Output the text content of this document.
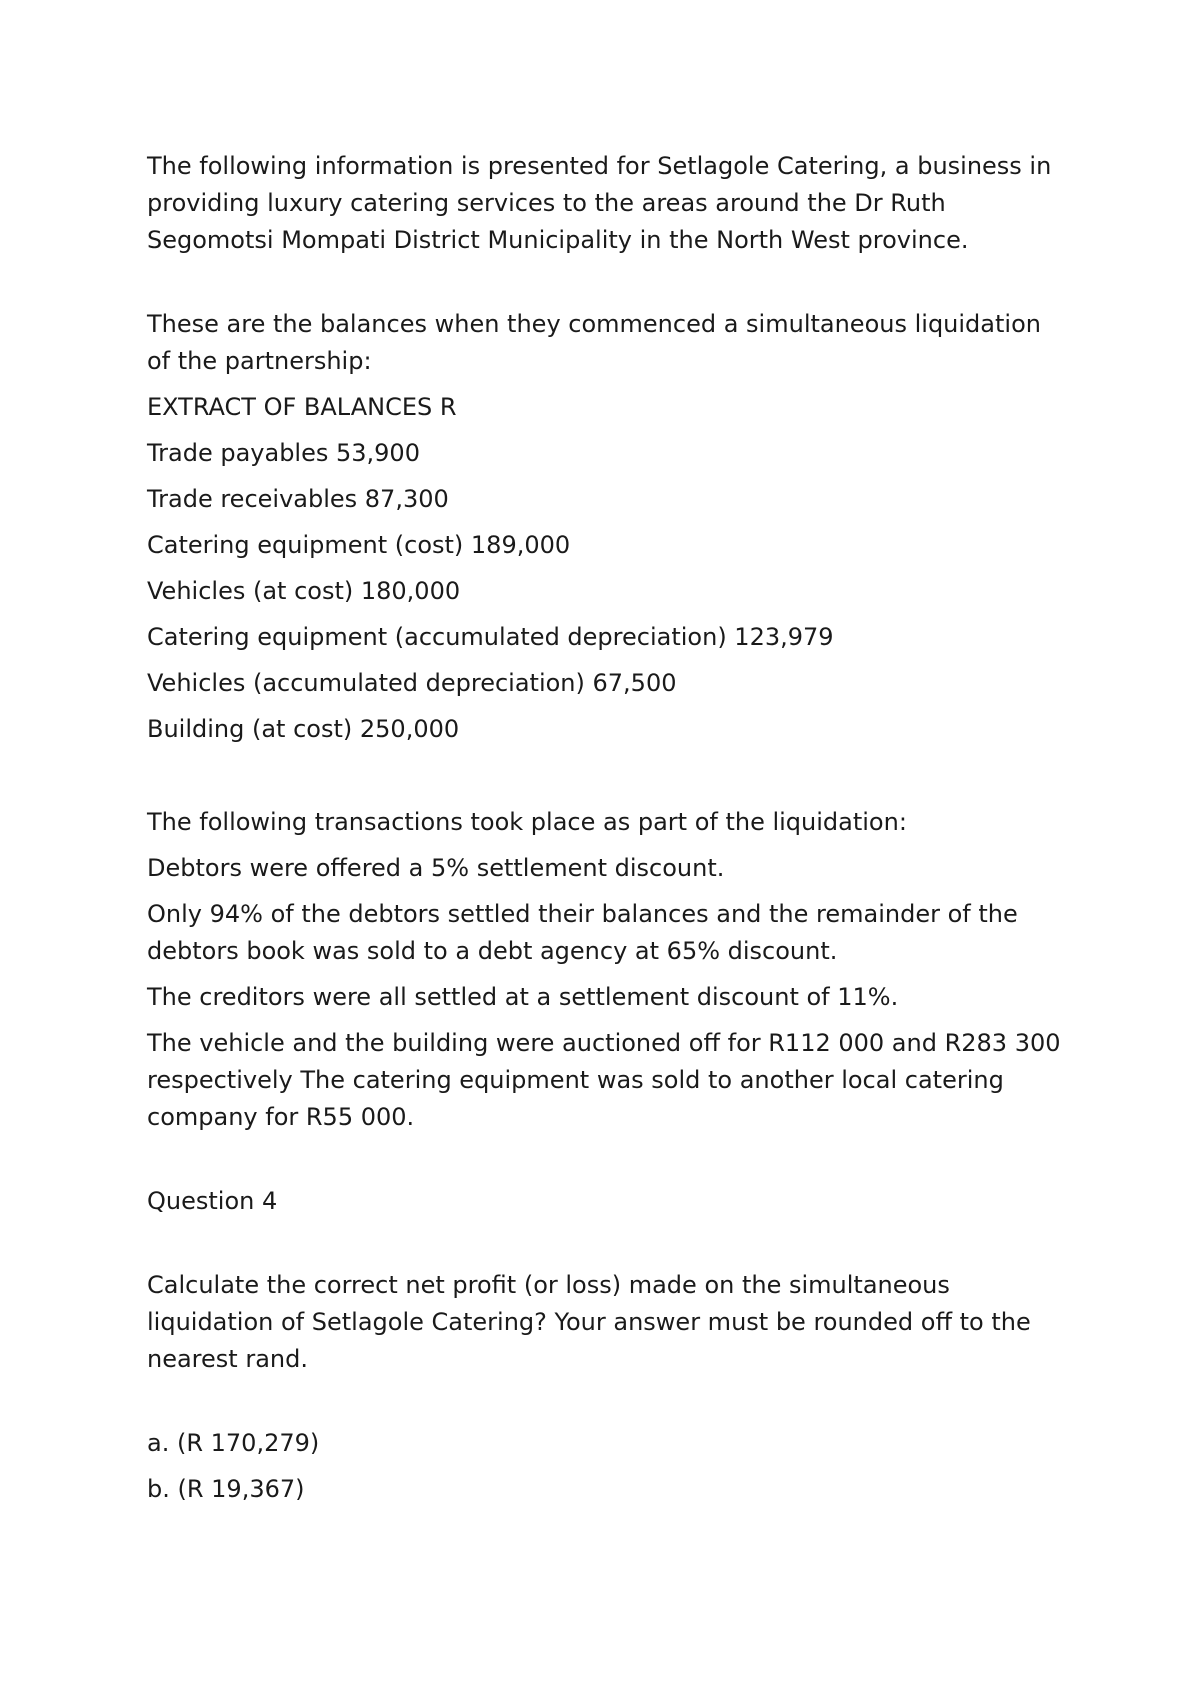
The following information is presented for Setlagole Catering, a business in
providing luxury catering services to the areas around the Dr Ruth
Segomotsi Mompati District Municipality in the North West province.

These are the balances when they commenced a simultaneous liquidation
of the partnership:

EXTRACT OF BALANCES R

Trade payables 53,900

Trade receivables 87,300

Catering equipment (cost) 189,000

Vehicles (at cost) 180,000

Catering equipment (accumulated depreciation) 123,979

Vehicles (accumulated depreciation) 67,500

Building (at cost) 250,000

The following transactions took place as part of the liquidation:

Debtors were offered a 5% settlement discount.

Only 94% of the debtors settled their balances and the remainder of the
debtors book was sold to a debt agency at 65% discount.

The creditors were all settled at a settlement discount of 11%.

The vehicle and the building were auctioned off for R112 000 and R283 300
respectively The catering equipment was sold to another local catering
company for R55 000.

Question 4

Calculate the correct net profit (or loss) made on the simultaneous
liquidation of Setlagole Catering? Your answer must be rounded off to the
nearest rand.

a. (R 170,279)

b. (R 19,367)
